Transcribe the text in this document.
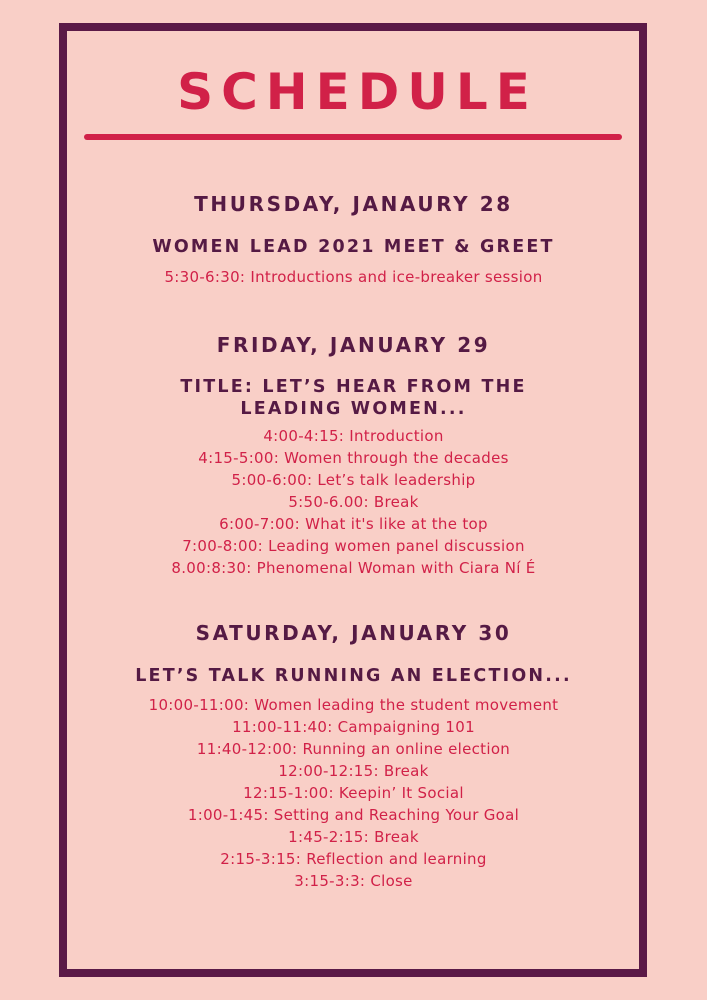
SCHEDULE
THURSDAY, JANAURY 28
WOMEN LEAD 2021 MEET & GREET
5:30-6:30: Introductions and ice-breaker session
FRIDAY, JANUARY 29
TITLE: LET’S HEAR FROM THE
LEADING WOMEN...
4:00-4:15: Introduction
4:15-5:00: Women through the decades
5:00-6:00: Let’s talk leadership
5:50-6.00: Break
6:00-7:00: What it's like at the top
7:00-8:00: Leading women panel discussion
8.00:8:30: Phenomenal Woman with Ciara Ní É
SATURDAY, JANUARY 30
LET’S TALK RUNNING AN ELECTION...
10:00-11:00: Women leading the student movement
11:00-11:40: Campaigning 101
11:40-12:00: Running an online election
12:00-12:15: Break
12:15-1:00: Keepin’ It Social
1:00-1:45: Setting and Reaching Your Goal
1:45-2:15: Break
2:15-3:15: Reflection and learning
3:15-3:3: Close
